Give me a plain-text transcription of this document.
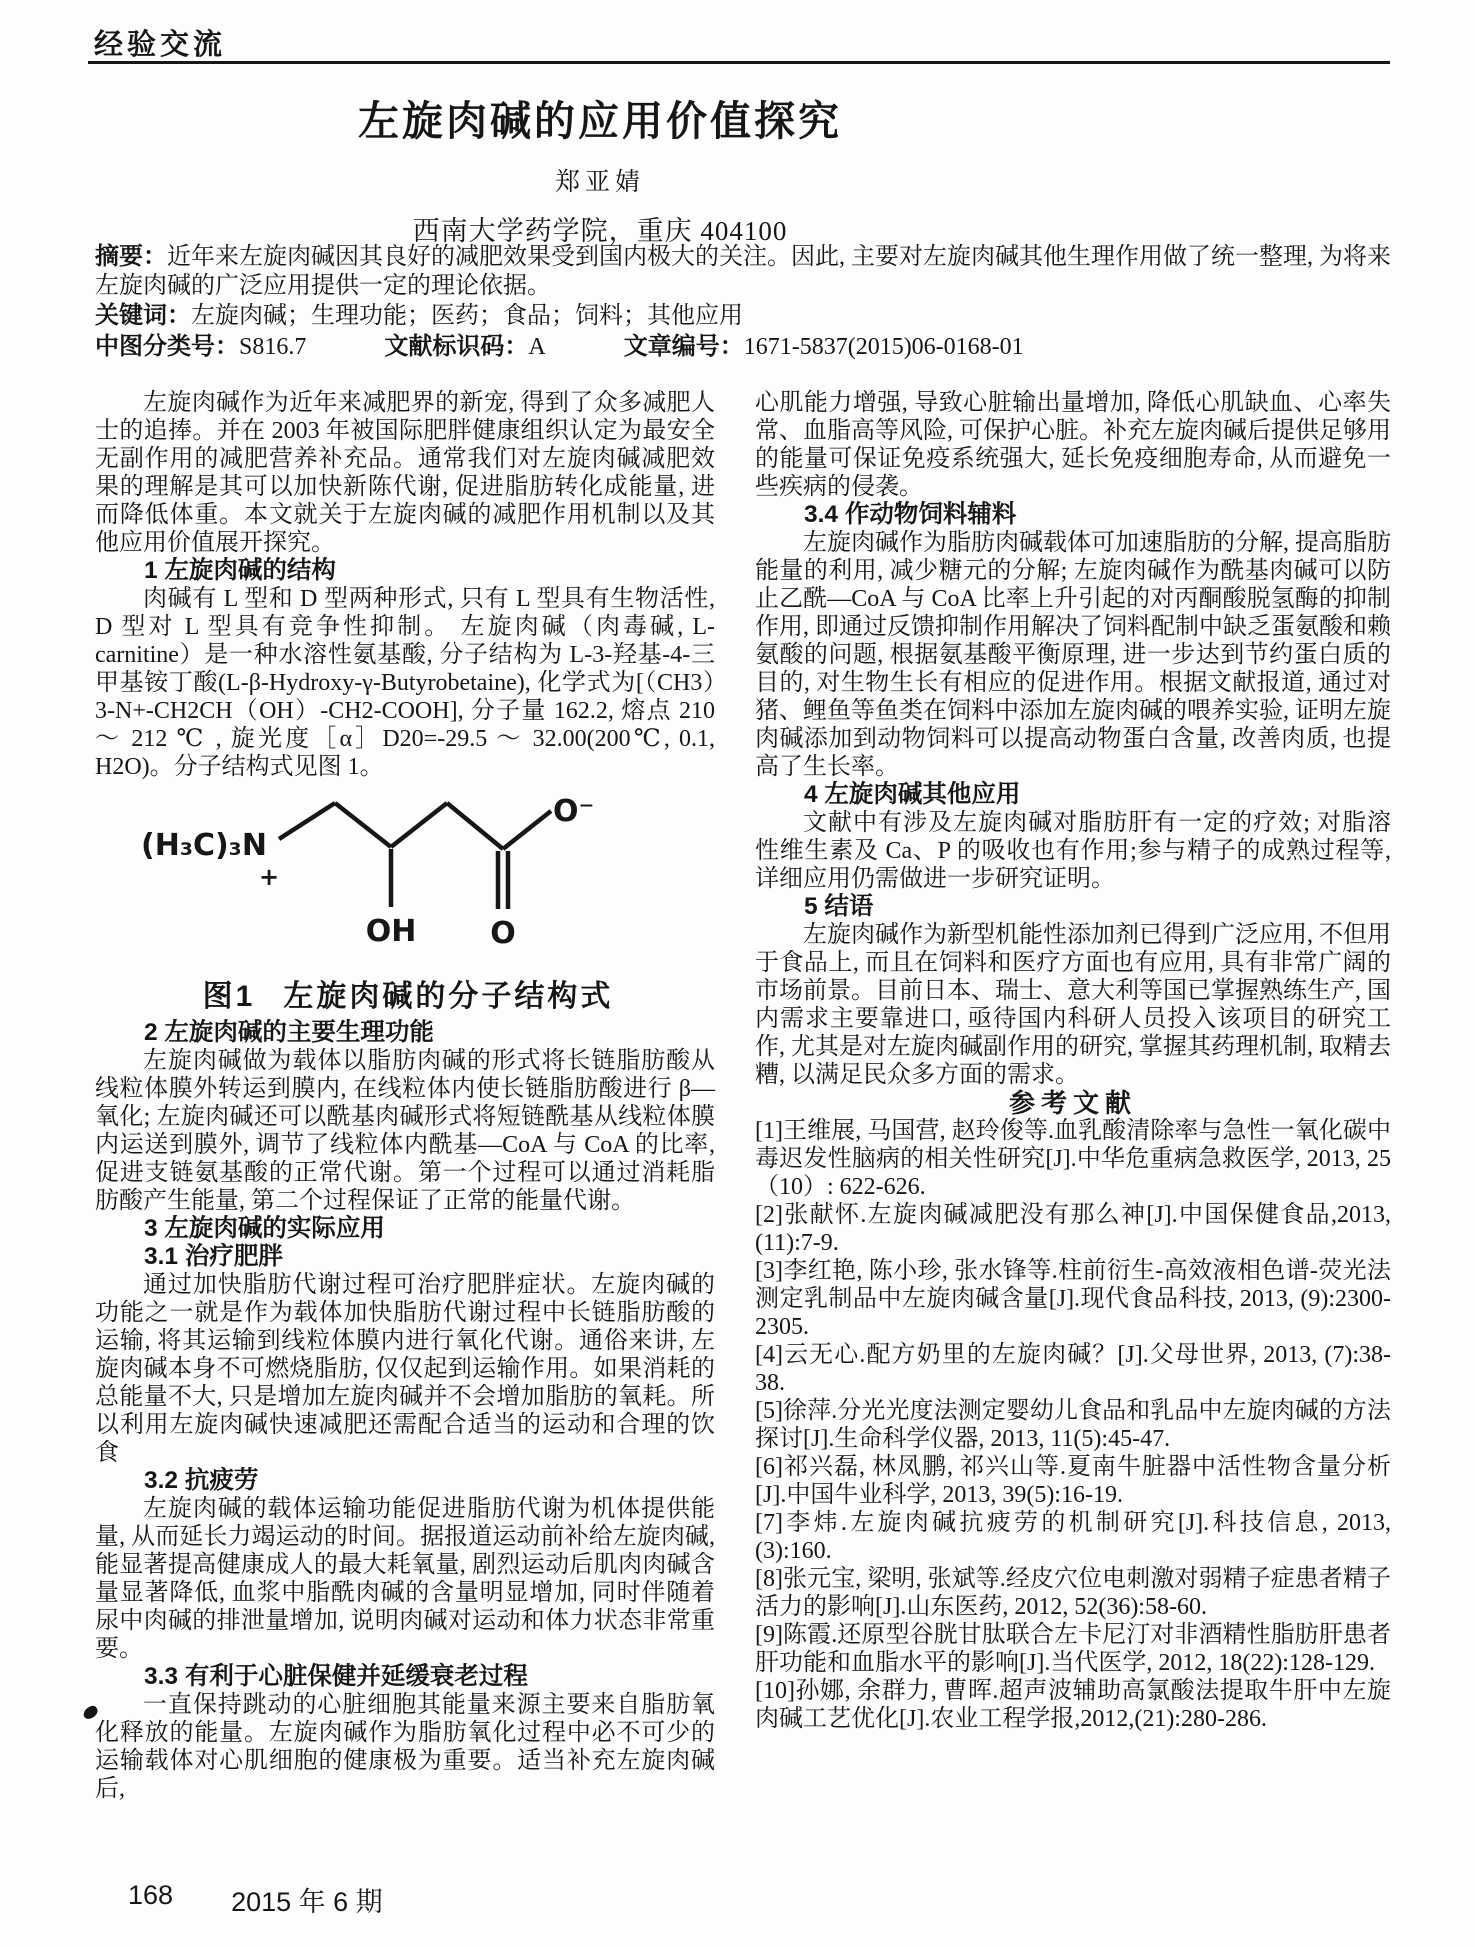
经验交流
左旋肉碱的应用价值探究
郑亚婧
西南大学药学院，重庆 404100

摘要：近年来左旋肉碱因其良好的减肥效果受到国内极大的关注。因此, 主要对左旋肉碱其他生理作用做了统一整理, 为将来左旋肉碱的广泛应用提供一定的理论依据。

关键词：左旋肉碱；生理功能；医药；食品；饲料；其他应用

中图分类号：S816.7	文献标识码：A	文章编号：1671-5837(2015)06-0168-01

左旋肉碱作为近年来减肥界的新宠, 得到了众多减肥人士的追捧。并在 2003 年被国际肥胖健康组织认定为最安全无副作用的减肥营养补充品。通常我们对左旋肉碱减肥效果的理解是其可以加快新陈代谢, 促进脂肪转化成能量, 进而降低体重。本文就关于左旋肉碱的减肥作用机制以及其他应用价值展开探究。

1 左旋肉碱的结构

肉碱有 L 型和 D 型两种形式, 只有 L 型具有生物活性, D 型对 L 型具有竞争性抑制。 左旋肉碱（肉毒碱, L-carnitine）是一种水溶性氨基酸, 分子结构为 L-3-羟基-4-三甲基铵丁酸(L-β-Hydroxy-γ-Butyrobetaine), 化学式为[（CH3）3-N+-CH2CH（OH）-CH2-COOH], 分子量 162.2, 熔点 210 ～ 212 ℃ , 旋光度［α］D20=-29.5 ～ 32.00(200℃, 0.1, H2O)。分子结构式见图 1。

(H₃C)₃N
+
OH O
O⁻
图1 左旋肉碱的分子结构式

2 左旋肉碱的主要生理功能

左旋肉碱做为载体以脂肪肉碱的形式将长链脂肪酸从线粒体膜外转运到膜内, 在线粒体内使长链脂肪酸进行 β—氧化; 左旋肉碱还可以酰基肉碱形式将短链酰基从线粒体膜内运送到膜外, 调节了线粒体内酰基—CoA 与 CoA 的比率, 促进支链氨基酸的正常代谢。第一个过程可以通过消耗脂肪酸产生能量, 第二个过程保证了正常的能量代谢。

3 左旋肉碱的实际应用

3.1 治疗肥胖

通过加快脂肪代谢过程可治疗肥胖症状。左旋肉碱的功能之一就是作为载体加快脂肪代谢过程中长链脂肪酸的运输, 将其运输到线粒体膜内进行氧化代谢。通俗来讲, 左旋肉碱本身不可燃烧脂肪, 仅仅起到运输作用。如果消耗的总能量不大, 只是增加左旋肉碱并不会增加脂肪的氧耗。所以利用左旋肉碱快速减肥还需配合适当的运动和合理的饮食

3.2 抗疲劳

左旋肉碱的载体运输功能促进脂肪代谢为机体提供能量, 从而延长力竭运动的时间。据报道运动前补给左旋肉碱, 能显著提高健康成人的最大耗氧量, 剧烈运动后肌肉肉碱含量显著降低, 血浆中脂酰肉碱的含量明显增加, 同时伴随着尿中肉碱的排泄量增加, 说明肉碱对运动和体力状态非常重要。

3.3 有利于心脏保健并延缓衰老过程

一直保持跳动的心脏细胞其能量来源主要来自脂肪氧化释放的能量。左旋肉碱作为脂肪氧化过程中必不可少的运输载体对心肌细胞的健康极为重要。适当补充左旋肉碱后,

心肌能力增强, 导致心脏输出量增加, 降低心肌缺血、心率失常、血脂高等风险, 可保护心脏。补充左旋肉碱后提供足够用的能量可保证免疫系统强大, 延长免疫细胞寿命, 从而避免一些疾病的侵袭。

3.4 作动物饲料辅料

左旋肉碱作为脂肪肉碱载体可加速脂肪的分解, 提高脂肪能量的利用, 减少糖元的分解; 左旋肉碱作为酰基肉碱可以防止乙酰—CoA 与 CoA 比率上升引起的对丙酮酸脱氢酶的抑制作用, 即通过反馈抑制作用解决了饲料配制中缺乏蛋氨酸和赖氨酸的问题, 根据氨基酸平衡原理, 进一步达到节约蛋白质的目的, 对生物生长有相应的促进作用。根据文献报道, 通过对猪、鲤鱼等鱼类在饲料中添加左旋肉碱的喂养实验, 证明左旋肉碱添加到动物饲料可以提高动物蛋白含量, 改善肉质, 也提高了生长率。

4 左旋肉碱其他应用

文献中有涉及左旋肉碱对脂肪肝有一定的疗效; 对脂溶性维生素及 Ca、P 的吸收也有作用;参与精子的成熟过程等, 详细应用仍需做进一步研究证明。

5 结语

左旋肉碱作为新型机能性添加剂已得到广泛应用, 不但用于食品上, 而且在饲料和医疗方面也有应用, 具有非常广阔的市场前景。目前日本、瑞士、意大利等国已掌握熟练生产, 国内需求主要靠进口, 亟待国内科研人员投入该项目的研究工作, 尤其是对左旋肉碱副作用的研究, 掌握其药理机制, 取精去糟, 以满足民众多方面的需求。

参考文献

[1]王维展, 马国营, 赵玲俊等.血乳酸清除率与急性一氧化碳中毒迟发性脑病的相关性研究[J].中华危重病急救医学, 2013, 25（10）: 622-626.

[2]张献怀.左旋肉碱减肥没有那么神[J].中国保健食品,2013,(11):7-9.

[3]李红艳, 陈小珍, 张水锋等.柱前衍生-高效液相色谱-荧光法测定乳制品中左旋肉碱含量[J].现代食品科技, 2013, (9):2300-2305.

[4]云无心.配方奶里的左旋肉碱？[J].父母世界, 2013, (7):38-38.

[5]徐萍.分光光度法测定婴幼儿食品和乳品中左旋肉碱的方法探讨[J].生命科学仪器, 2013, 11(5):45-47.

[6]祁兴磊, 林凤鹏, 祁兴山等.夏南牛脏器中活性物含量分析[J].中国牛业科学, 2013, 39(5):16-19.

[7]李炜.左旋肉碱抗疲劳的机制研究[J].科技信息, 2013, (3):160.

[8]张元宝, 梁明, 张斌等.经皮穴位电刺激对弱精子症患者精子活力的影响[J].山东医药, 2012, 52(36):58-60.

[9]陈霞.还原型谷胱甘肽联合左卡尼汀对非酒精性脂肪肝患者肝功能和血脂水平的影响[J].当代医学, 2012, 18(22):128-129.

[10]孙娜, 余群力, 曹晖.超声波辅助高氯酸法提取牛肝中左旋肉碱工艺优化[J].农业工程学报,2012,(21):280-286.

168 2015 年 6 期
